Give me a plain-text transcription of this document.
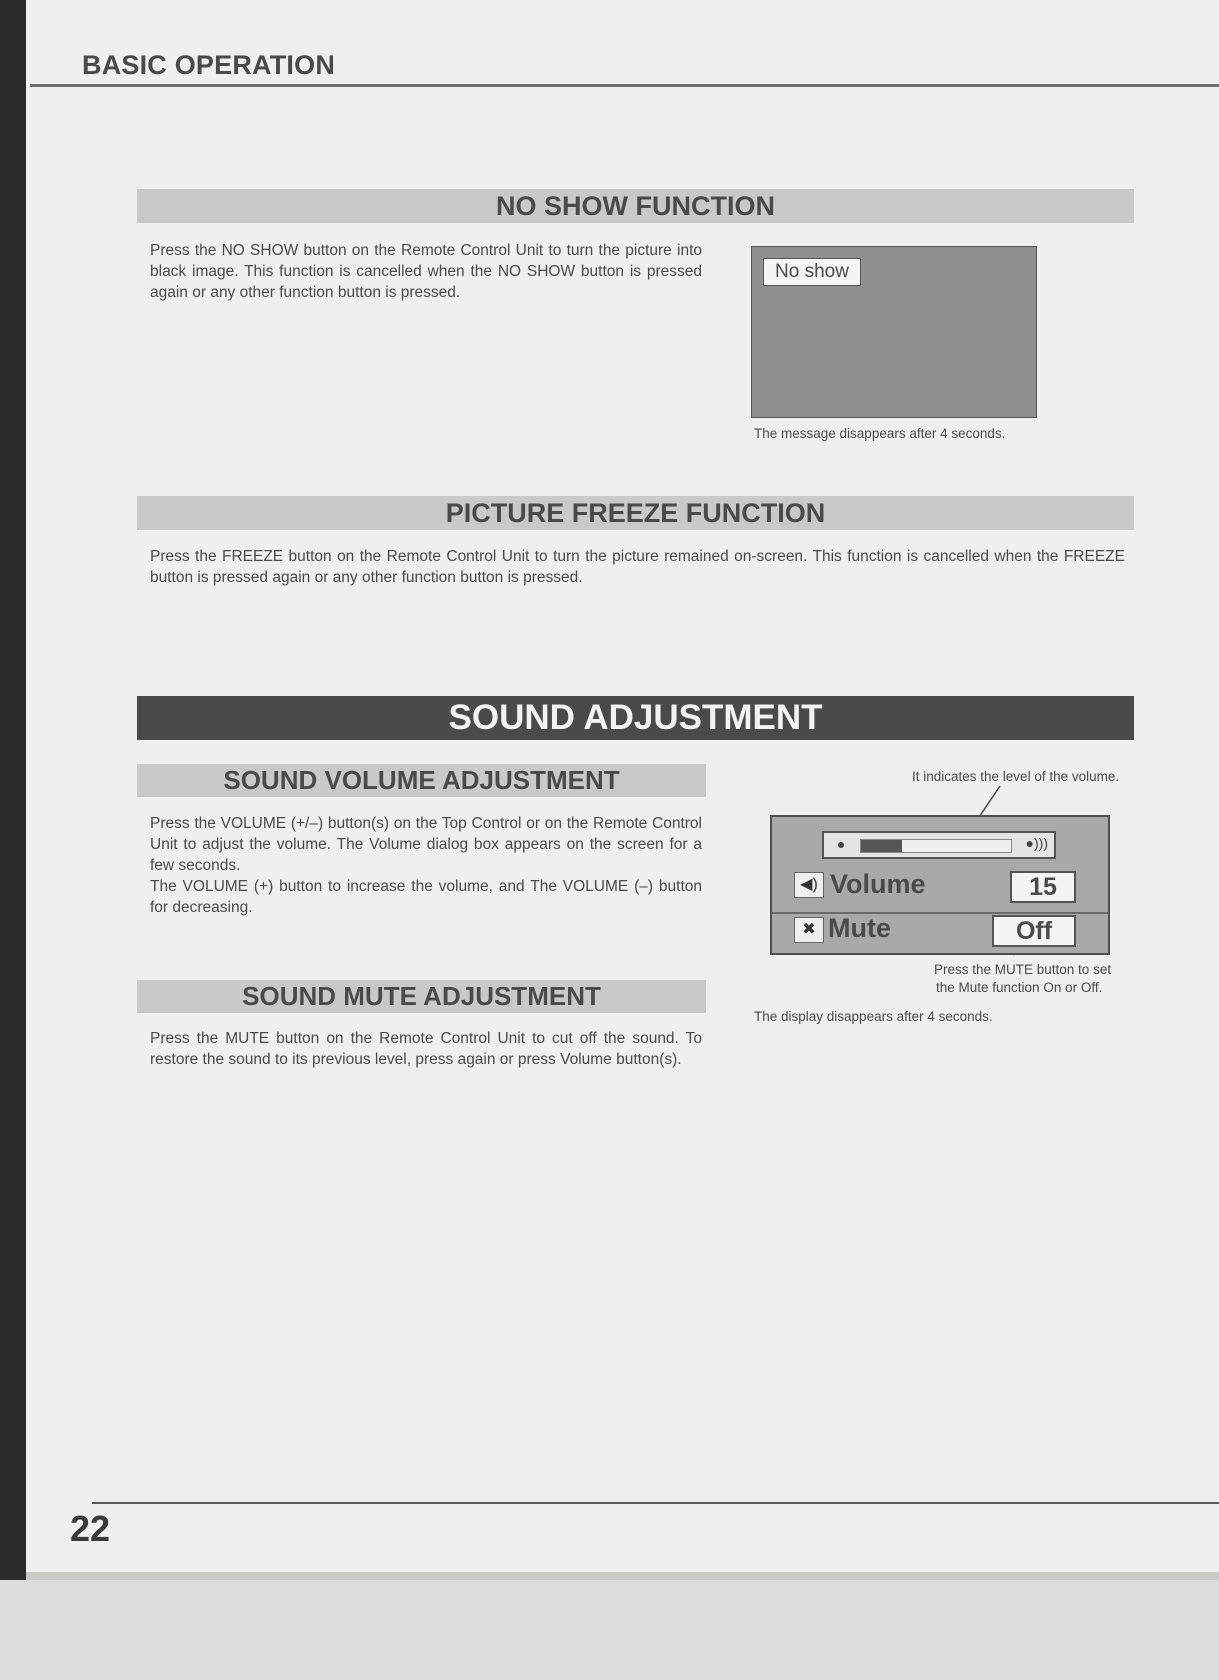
BASIC OPERATION
NO SHOW FUNCTION
Press the NO SHOW button on the Remote Control Unit to turn the picture into black image. This function is cancelled when the NO SHOW button is pressed again or any other function button is pressed.
No show
The message disappears after 4 seconds.
PICTURE FREEZE FUNCTION
Press the FREEZE button on the Remote Control Unit to turn the picture remained on-screen. This function is cancelled when the FREEZE button is pressed again or any other function button is pressed.
SOUND ADJUSTMENT
SOUND VOLUME ADJUSTMENT
Press the VOLUME (+/–) button(s) on the Top Control or on the Remote Control Unit to adjust the volume. The Volume dialog box appears on the screen for a few seconds.
The VOLUME (+) button to increase the volume, and The VOLUME (–) button for decreasing.
SOUND MUTE ADJUSTMENT
Press the MUTE button on the Remote Control Unit to cut off the sound. To restore the sound to its previous level, press again or press Volume button(s).
It indicates the level of the volume.
●)))
◀) Volume	15
✖ Mute	Off
Press the MUTE button to set
the Mute function On or Off.
The display disappears after 4 seconds.
22
